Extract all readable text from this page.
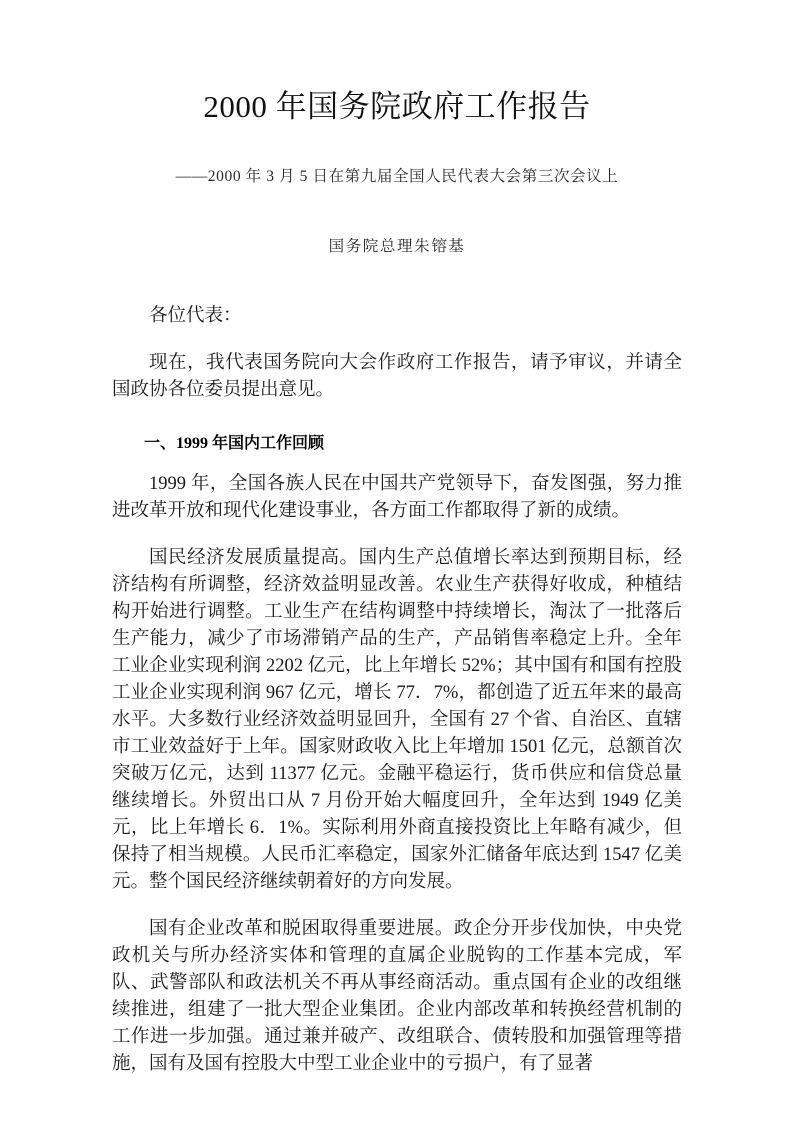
2000 年国务院政府工作报告

——2000 年 3 月 5 日在第九届全国人民代表大会第三次会议上

国务院总理朱镕基

各位代表：

现在，我代表国务院向大会作政府工作报告，请予审议，并请全国政协各位委员提出意见。

一、1999 年国内工作回顾

1999 年，全国各族人民在中国共产党领导下，奋发图强，努力推进改革开放和现代化建设事业，各方面工作都取得了新的成绩。

国民经济发展质量提高。国内生产总值增长率达到预期目标，经济结构有所调整，经济效益明显改善。农业生产获得好收成，种植结构开始进行调整。工业生产在结构调整中持续增长，淘汰了一批落后生产能力，减少了市场滞销产品的生产，产品销售率稳定上升。全年工业企业实现利润 2202 亿元，比上年增长 52%；其中国有和国有控股工业企业实现利润 967 亿元，增长 77．7%，都创造了近五年来的最高水平。大多数行业经济效益明显回升，全国有 27 个省、自治区、直辖市工业效益好于上年。国家财政收入比上年增加 1501 亿元，总额首次突破万亿元，达到 11377 亿元。金融平稳运行，货币供应和信贷总量继续增长。外贸出口从 7 月份开始大幅度回升，全年达到 1949 亿美元，比上年增长 6．1%。实际利用外商直接投资比上年略有减少，但保持了相当规模。人民币汇率稳定，国家外汇储备年底达到 1547 亿美元。整个国民经济继续朝着好的方向发展。

国有企业改革和脱困取得重要进展。政企分开步伐加快，中央党政机关与所办经济实体和管理的直属企业脱钩的工作基本完成，军队、武警部队和政法机关不再从事经商活动。重点国有企业的改组继续推进，组建了一批大型企业集团。企业内部改革和转换经营机制的工作进一步加强。通过兼并破产、改组联合、债转股和加强管理等措施，国有及国有控股大中型工业企业中的亏损户，有了显著
